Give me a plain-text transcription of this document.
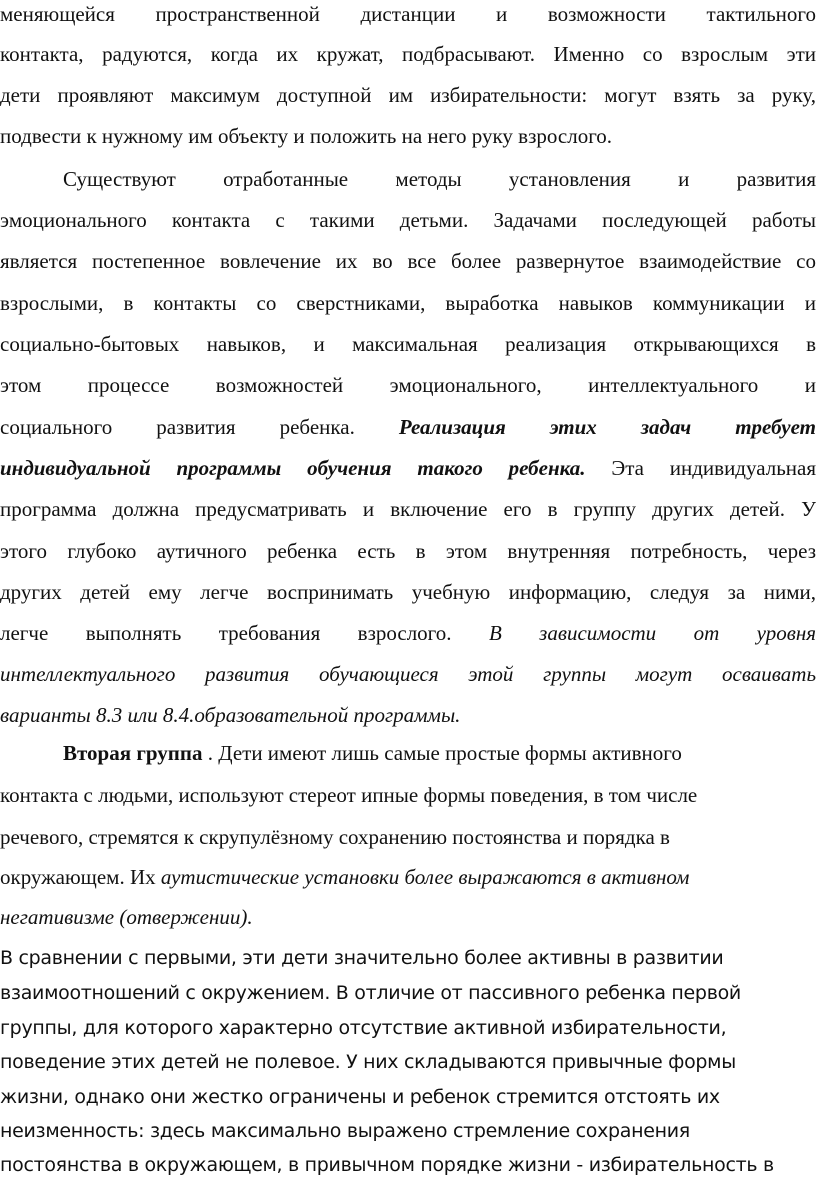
меняющейся пространственной дистанции и возможности тактильного
контакта, радуются, когда их кружат, подбрасывают. Именно со взрослым эти
дети проявляют максимум доступной им избирательности: могут взять за руку,
подвести к нужному им объекту и положить на него руку взрослого.
Существуют отработанные методы установления и развития
эмоционального контакта с такими детьми. Задачами последующей работы
является постепенное вовлечение их во все более развернутое взаимодействие со
взрослыми, в контакты со сверстниками, выработка навыков коммуникации и
социально-бытовых навыков, и максимальная реализация открывающихся в
этом процессе возможностей эмоционального, интеллектуального и
социального развития ребенка. Реализация этих задач требует
индивидуальной программы обучения такого ребенка. Эта индивидуальная
программа должна предусматривать и включение его в группу других детей. У
этого глубоко аутичного ребенка есть в этом внутренняя потребность, через
других детей ему легче воспринимать учебную информацию, следуя за ними,
легче выполнять требования взрослого. В зависимости от уровня
интеллектуального развития обучающиеся этой группы могут осваивать
варианты 8.3 или 8.4.образовательной программы.
Вторая группа . Дети имеют лишь самые простые формы активного
контакта с людьми, используют стереот ипные формы поведения, в том числе
речевого, стремятся к скрупулёзному сохранению постоянства и порядка в
окружающем. Их аутистические установки более выражаются в активном
негативизме (отвержении).
В сравнении с первыми, эти дети значительно более активны в развитии
взаимоотношений с окружением. В отличие от пассивного ребенка первой
группы, для которого характерно отсутствие активной избирательности,
поведение этих детей не полевое. У них складываются привычные формы
жизни, однако они жестко ограничены и ребенок стремится отстоять их
неизменность: здесь максимально выражено стремление сохранения
постоянства в окружающем, в привычном порядке жизни - избирательность в
